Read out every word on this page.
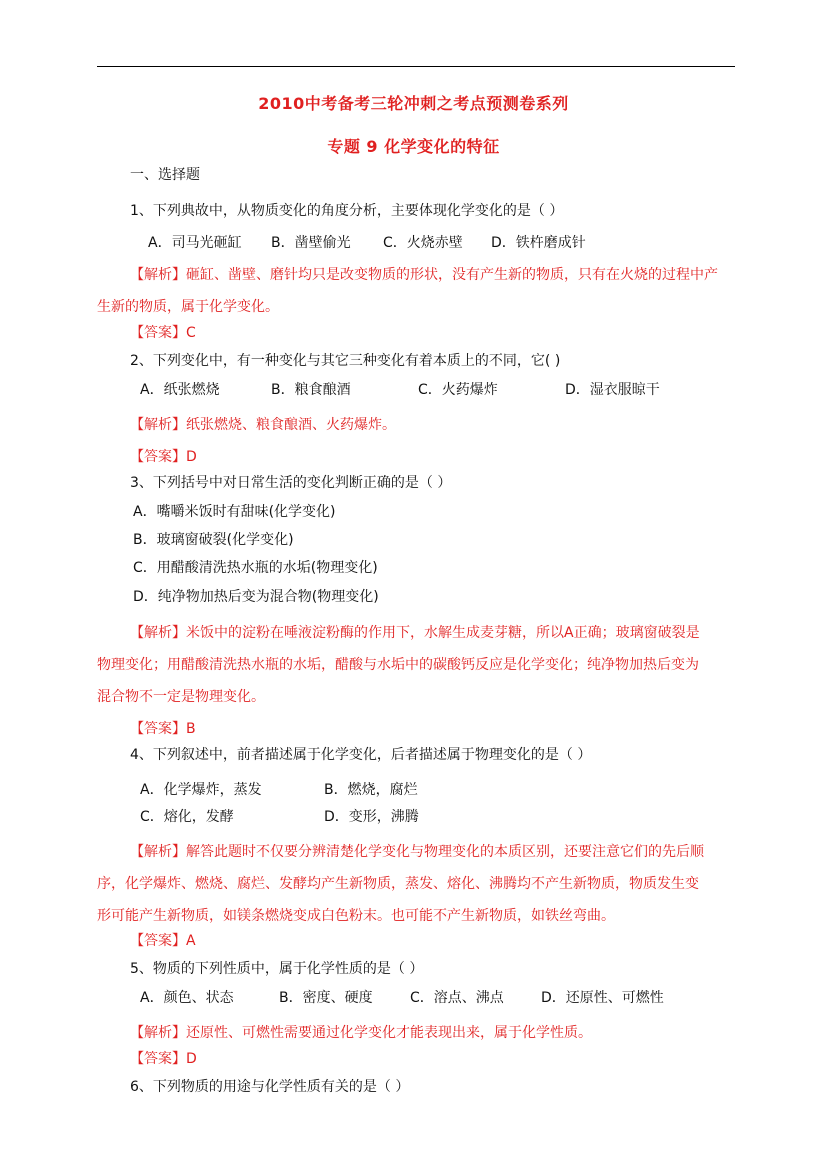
2010中考备考三轮冲刺之考点预测卷系列
专题 9 化学变化的特征
一、选择题
1、下列典故中，从物质变化的角度分析，主要体现化学变化的是（ ）
A．司马光砸缸 B．凿壁偷光 C．火烧赤壁 D．铁杵磨成针
【解析】砸缸、凿壁、磨针均只是改变物质的形状，没有产生新的物质，只有在火烧的过程中产
生新的物质，属于化学变化。
【答案】C
2、下列变化中，有一种变化与其它三种变化有着本质上的不同，它( )
A．纸张燃烧	B．粮食酿酒	C．火药爆炸	D．湿衣服晾干
【解析】纸张燃烧、粮食酿酒、火药爆炸。
【答案】D
3、下列括号中对日常生活的变化判断正确的是（ ）
A．嘴嚼米饭时有甜味(化学变化)
B．玻璃窗破裂(化学变化)
C．用醋酸清洗热水瓶的水垢(物理变化)
D．纯净物加热后变为混合物(物理变化)
【解析】米饭中的淀粉在唾液淀粉酶的作用下，水解生成麦芽糖，所以A正确；玻璃窗破裂是
物理变化；用醋酸清洗热水瓶的水垢，醋酸与水垢中的碳酸钙反应是化学变化；纯净物加热后变为
混合物不一定是物理变化。
【答案】B
4、下列叙述中，前者描述属于化学变化，后者描述属于物理变化的是（ ）
A．化学爆炸，蒸发	B．燃烧，腐烂
C．熔化，发酵	D．变形，沸腾
【解析】解答此题时不仅要分辨清楚化学变化与物理变化的本质区别，还要注意它们的先后顺
序，化学爆炸、燃烧、腐烂、发酵均产生新物质，蒸发、熔化、沸腾均不产生新物质，物质发生变
形可能产生新物质，如镁条燃烧变成白色粉末。也可能不产生新物质，如铁丝弯曲。
【答案】A
5、物质的下列性质中，属于化学性质的是（ ）
A．颜色、状态	B．密度、硬度	C．溶点、沸点	D．还原性、可燃性
【解析】还原性、可燃性需要通过化学变化才能表现出来，属于化学性质。
【答案】D
6、下列物质的用途与化学性质有关的是（ ）
